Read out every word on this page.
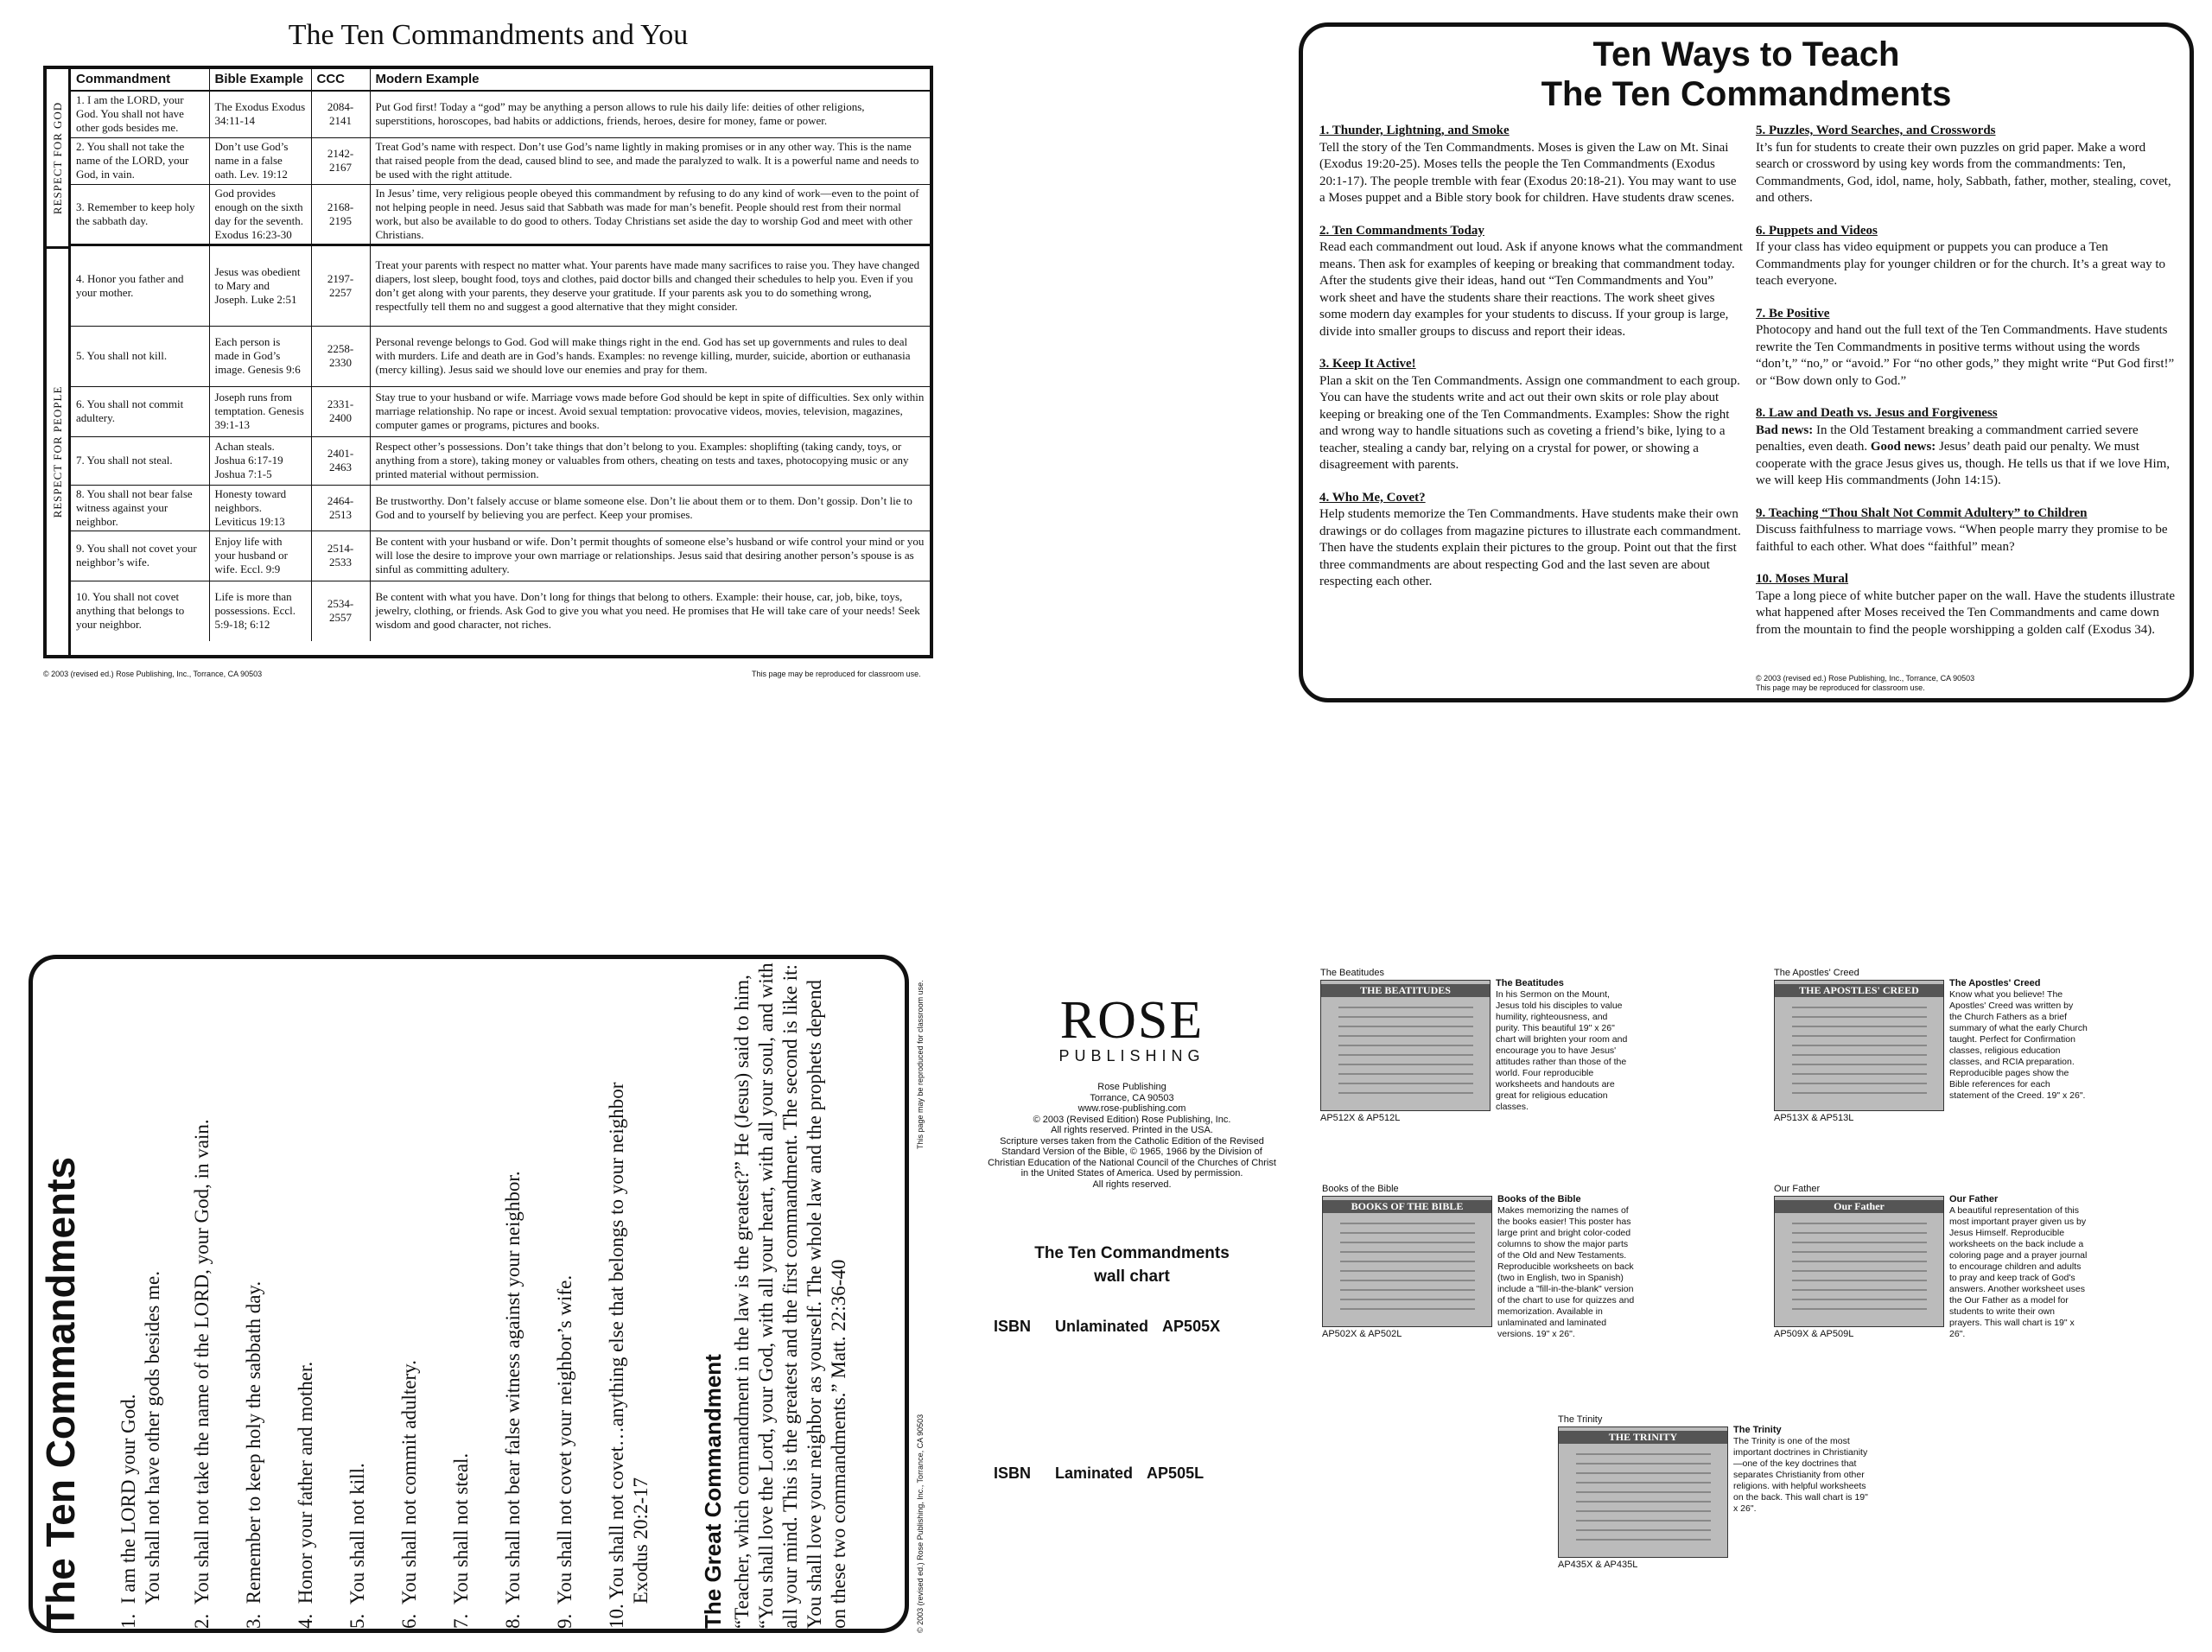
The Ten Commandments and You
RESPECT FOR GOD
RESPECT FOR PEOPLE
Commandment	Bible Example	CCC	Modern Example
1. I am the LORD, your God. You shall not have other gods besides me.	The Exodus Exodus 34:11-14	2084-2141	Put God first! Today a “god” may be anything a person allows to rule his daily life: deities of other religions, superstitions, horoscopes, bad habits or addictions, friends, heroes, desire for money, fame or power.
2. You shall not take the name of the LORD, your God, in vain.	Don’t use God’s name in a false oath. Lev. 19:12	2142-2167	Treat God’s name with respect. Don’t use God’s name lightly in making promises or in any other way. This is the name that raised people from the dead, caused blind to see, and made the paralyzed to walk. It is a powerful name and needs to be used with the right attitude.
3. Remember to keep holy the sabbath day.	God provides enough on the sixth day for the seventh. Exodus 16:23-30	2168-2195	In Jesus’ time, very religious people obeyed this commandment by refusing to do any kind of work—even to the point of not helping people in need. Jesus said that Sabbath was made for man’s benefit. People should rest from their normal work, but also be available to do good to others. Today Christians set aside the day to worship God and meet with other Christians.
4. Honor you father and your mother.	Jesus was obedient to Mary and Joseph. Luke 2:51	2197-2257	Treat your parents with respect no matter what. Your parents have made many sacrifices to raise you. They have changed diapers, lost sleep, bought food, toys and clothes, paid doctor bills and changed their schedules to help you. Even if you don’t get along with your parents, they deserve your gratitude. If your parents ask you to do something wrong, respectfully tell them no and suggest a good alternative that they might consider.
5. You shall not kill.	Each person is made in God’s image. Genesis 9:6	2258-2330	Personal revenge belongs to God. God will make things right in the end. God has set up governments and rules to deal with murders. Life and death are in God’s hands. Examples: no revenge killing, murder, suicide, abortion or euthanasia (mercy killing). Jesus said we should love our enemies and pray for them.
6. You shall not commit adultery.	Joseph runs from temptation. Genesis 39:1-13	2331-2400	Stay true to your husband or wife. Marriage vows made before God should be kept in spite of difficulties. Sex only within marriage relationship. No rape or incest. Avoid sexual temptation: provocative videos, movies, television, magazines, computer games or programs, pictures and books.
7. You shall not steal.	Achan steals. Joshua 6:17-19 Joshua 7:1-5	2401-2463	Respect other’s possessions. Don’t take things that don’t belong to you. Examples: shoplifting (taking candy, toys, or anything from a store), taking money or valuables from others, cheating on tests and taxes, photocopying music or any printed material without permission.
8. You shall not bear false witness against your neighbor.	Honesty toward neighbors. Leviticus 19:13	2464-2513	Be trustworthy. Don’t falsely accuse or blame someone else. Don’t lie about them or to them. Don’t gossip. Don’t lie to God and to yourself by believing you are perfect. Keep your promises.
9. You shall not covet your neighbor’s wife.	Enjoy life with your husband or wife. Eccl. 9:9	2514-2533	Be content with your husband or wife. Don’t permit thoughts of someone else’s husband or wife control your mind or you will lose the desire to improve your own marriage or relationships. Jesus said that desiring another person’s spouse is as sinful as committing adultery.
10. You shall not covet anything that belongs to your neighbor.	Life is more than possessions. Eccl. 5:9-18; 6:12	2534-2557	Be content with what you have. Don’t long for things that belong to others. Example: their house, car, job, bike, toys, jewelry, clothing, or friends. Ask God to give you what you need. He promises that He will take care of your needs! Seek wisdom and good character, not riches.
© 2003 (revised ed.) Rose Publishing, Inc., Torrance, CA 90503	This page may be reproduced for classroom use.
Ten Ways to Teach
The Ten Commandments
1. Thunder, Lightning, and Smoke
Tell the story of the Ten Commandments. Moses is given the Law on Mt. Sinai (Exodus 19:20-25). Moses tells the people the Ten Commandments (Exodus 20:1-17). The people tremble with fear (Exodus 20:18-21). You may want to use a Moses puppet and a Bible story book for children. Have students draw scenes.
2. Ten Commandments Today
Read each commandment out loud. Ask if anyone knows what the commandment means. Then ask for examples of keeping or breaking that commandment today. After the students give their ideas, hand out “Ten Commandments and You” work sheet and have the students share their reactions. The work sheet gives some modern day examples for your students to discuss. If your group is large, divide into smaller groups to discuss and report their ideas.
3. Keep It Active!
Plan a skit on the Ten Commandments. Assign one commandment to each group. You can have the students write and act out their own skits or role play about keeping or breaking one of the Ten Commandments. Examples: Show the right and wrong way to handle situations such as coveting a friend’s bike, lying to a teacher, stealing a candy bar, relying on a crystal for power, or showing a disagreement with parents.
4. Who Me, Covet?
Help students memorize the Ten Commandments. Have students make their own drawings or do collages from magazine pictures to illustrate each commandment. Then have the students explain their pictures to the group. Point out that the first three commandments are about respecting God and the last seven are about respecting each other.
5. Puzzles, Word Searches, and Crosswords
It’s fun for students to create their own puzzles on grid paper. Make a word search or crossword by using key words from the commandments: Ten, Commandments, God, idol, name, holy, Sabbath, father, mother, stealing, covet, and others.
6. Puppets and Videos
If your class has video equipment or puppets you can produce a Ten Commandments play for younger children or for the church. It’s a great way to teach everyone.
7. Be Positive
Photocopy and hand out the full text of the Ten Commandments. Have students rewrite the Ten Commandments in positive terms without using the words “don’t,” “no,” or “avoid.” For “no other gods,” they might write “Put God first!” or “Bow down only to God.”
8. Law and Death vs. Jesus and Forgiveness
Bad news: In the Old Testament breaking a commandment carried severe penalties, even death. Good news: Jesus’ death paid our penalty. We must cooperate with the grace Jesus gives us, though. He tells us that if we love Him, we will keep His commandments (John 14:15).
9. Teaching “Thou Shalt Not Commit Adultery” to Children
Discuss faithfulness to marriage vows. “When people marry they promise to be faithful to each other. What does “faithful” mean?
10. Moses Mural
Tape a long piece of white butcher paper on the wall. Have the students illustrate what happened after Moses received the Ten Commandments and came down from the mountain to find the people worshipping a golden calf (Exodus 34).
© 2003 (revised ed.) Rose Publishing, Inc., Torrance, CA 90503
This page may be reproduced for classroom use.
The Ten Commandments 1.  I am the LORD your God. You shall not have other gods besides me. 2.  You shall not take the name of the LORD, your God, in vain. 3.  Remember to keep holy the sabbath day. 4.  Honor your father and mother. 5.  You shall not kill. 6.  You shall not commit adultery. 7.  You shall not steal. 8.  You shall not bear false witness against your neighbor. 9.  You shall not covet your neighbor’s wife. 10. You shall not covet…anything else that belongs to your neighbor Exodus 20:2-17 The Great Commandment “Teacher, which commandment in the law is the greatest?” He (Jesus) said to him, “You shall love the Lord, your God, with all your heart, with all your soul, and with all your mind. This is the greatest and the first commandment. The second is like it: You shall love your neighbor as yourself. The whole law and the prophets depend on these two commandments.” Matt. 22:36-40	© 2003 (revised ed.) Rose Publishing, Inc., Torrance, CA 90503
This page may be reproduced for classroom use.	ROSE
PUBLISHING
Rose Publishing
Torrance, CA 90503
www.rose-publishing.com
© 2003 (Revised Edition) Rose Publishing, Inc.
All rights reserved. Printed in the USA.
Scripture verses taken from the Catholic Edition of the Revised
Standard Version of the Bible, © 1965, 1966 by the Division of
Christian Education of the National Council of the Churches of Christ
in the United States of America. Used by permission.
All rights reserved.
The Ten Commandments
wall chart
ISBN Unlaminated AP505X
ISBN Laminated AP505L
The Beatitudes
THE BEATITUDES
AP512X & AP512L
The Beatitudes
In his Sermon on the Mount, Jesus told his disciples to value humility, righteousness, and purity. This beautiful 19" x 26" chart will brighten your room and encourage you to have Jesus' attitudes rather than those of the world. Four reproducible worksheets and handouts are great for religious education classes.
The Apostles' Creed
THE APOSTLES' CREED
AP513X & AP513L
The Apostles' Creed
Know what you believe! The Apostles' Creed was written by the Church Fathers as a brief summary of what the early Church taught. Perfect for Confirmation classes, religious education classes, and RCIA preparation. Reproducible pages show the Bible references for each statement of the Creed. 19" x 26".
Books of the Bible
BOOKS OF THE BIBLE
AP502X & AP502L
Books of the Bible
Makes memorizing the names of the books easier! This poster has large print and bright color-coded columns to show the major parts of the Old and New Testaments. Reproducible worksheets on back (two in English, two in Spanish) include a "fill-in-the-blank" version of the chart to use for quizzes and memorization. Available in unlaminated and laminated versions. 19" x 26".
Our Father
Our Father
AP509X & AP509L
Our Father
A beautiful representation of this most important prayer given us by Jesus Himself. Reproducible worksheets on the back include a coloring page and a prayer journal to encourage children and adults to pray and keep track of God's answers. Another worksheet uses the Our Father as a model for students to write their own prayers. This wall chart is 19" x 26".
The Trinity
THE TRINITY
AP435X & AP435L
The Trinity
The Trinity is one of the most important doctrines in Christianity—one of the key doctrines that separates Christianity from other religions. with helpful worksheets on the back. This wall chart is 19" x 26".
